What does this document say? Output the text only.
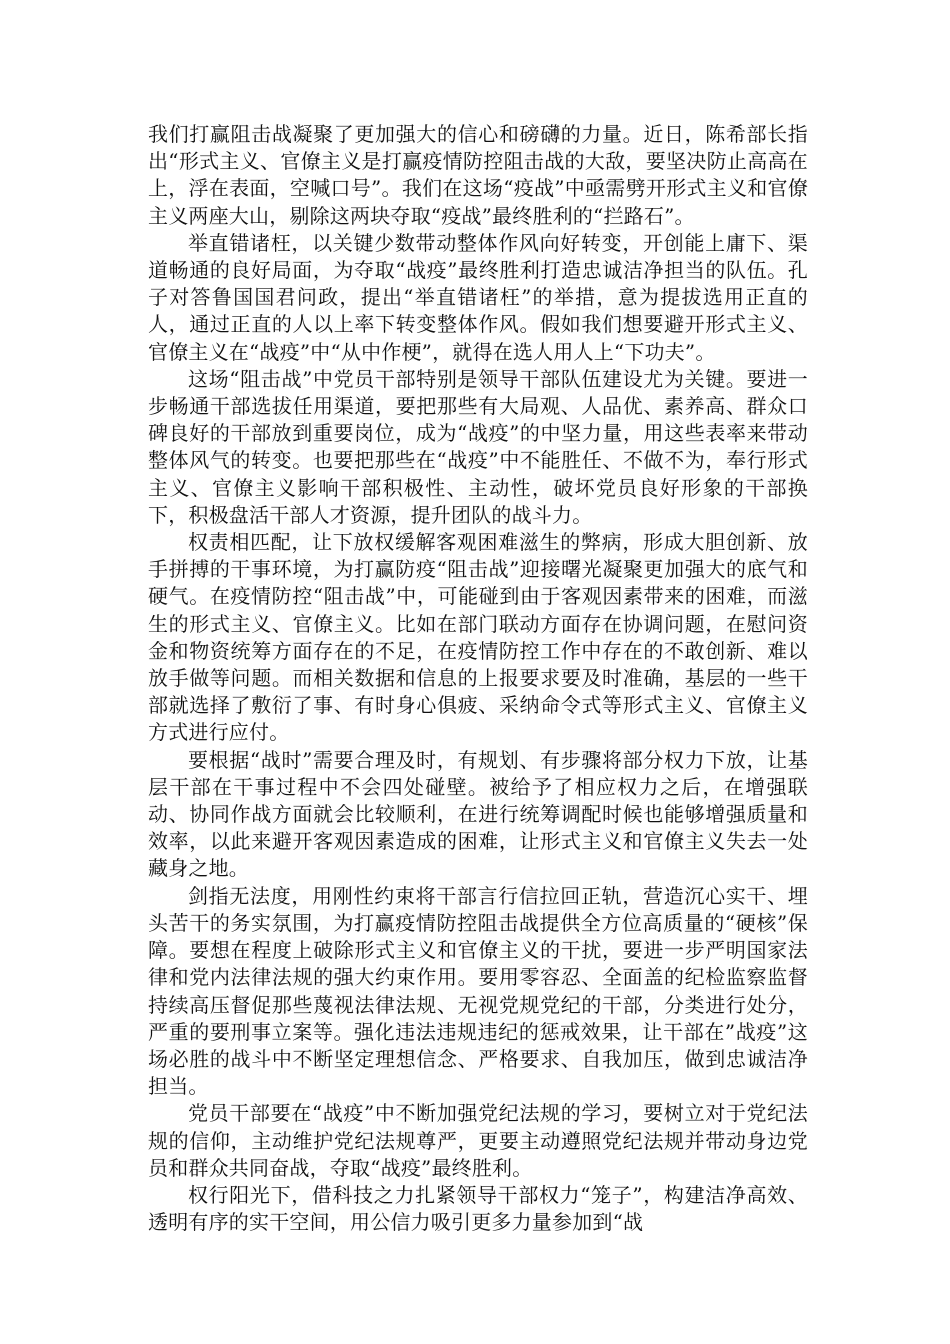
我们打赢阻击战凝聚了更加强大的信心和磅礴的力量。近日，陈希部长指出“形式主义、官僚主义是打赢疫情防控阻击战的大敌，要坚决防止高高在上，浮在表面，空喊口号”。我们在这场“疫战”中亟需劈开形式主义和官僚主义两座大山，剔除这两块夺取“疫战”最终胜利的“拦路石”。

举直错诸枉，以关键少数带动整体作风向好转变，开创能上庸下、渠道畅通的良好局面，为夺取“战疫”最终胜利打造忠诚洁净担当的队伍。孔子对答鲁国国君问政，提出“举直错诸枉”的举措，意为提拔选用正直的人，通过正直的人以上率下转变整体作风。假如我们想要避开形式主义、官僚主义在“战疫”中“从中作梗”，就得在选人用人上“下功夫”。

这场“阻击战”中党员干部特别是领导干部队伍建设尤为关键。要进一步畅通干部选拔任用渠道，要把那些有大局观、人品优、素养高、群众口碑良好的干部放到重要岗位，成为“战疫”的中坚力量，用这些表率来带动整体风气的转变。也要把那些在“战疫”中不能胜任、不做不为，奉行形式主义、官僚主义影响干部积极性、主动性，破坏党员良好形象的干部换下，积极盘活干部人才资源，提升团队的战斗力。

权责相匹配，让下放权缓解客观困难滋生的弊病，形成大胆创新、放手拼搏的干事环境，为打赢防疫“阻击战”迎接曙光凝聚更加强大的底气和硬气。在疫情防控“阻击战”中，可能碰到由于客观因素带来的困难，而滋生的形式主义、官僚主义。比如在部门联动方面存在协调问题，在慰问资金和物资统筹方面存在的不足，在疫情防控工作中存在的不敢创新、难以放手做等问题。而相关数据和信息的上报要求要及时准确，基层的一些干部就选择了敷衍了事、有时身心俱疲、采纳命令式等形式主义、官僚主义方式进行应付。

要根据“战时”需要合理及时，有规划、有步骤将部分权力下放，让基层干部在干事过程中不会四处碰壁。被给予了相应权力之后，在增强联动、协同作战方面就会比较顺利，在进行统筹调配时候也能够增强质量和效率，以此来避开客观因素造成的困难，让形式主义和官僚主义失去一处藏身之地。

剑指无法度，用刚性约束将干部言行信拉回正轨，营造沉心实干、埋头苦干的务实氛围，为打赢疫情防控阻击战提供全方位高质量的“硬核”保障。要想在程度上破除形式主义和官僚主义的干扰，要进一步严明国家法律和党内法律法规的强大约束作用。要用零容忍、全面盖的纪检监察监督持续高压督促那些蔑视法律法规、无视党规党纪的干部，分类进行处分，严重的要刑事立案等。强化违法违规违纪的惩戒效果，让干部在”战疫”这场必胜的战斗中不断坚定理想信念、严格要求、自我加压，做到忠诚洁净担当。

党员干部要在“战疫”中不断加强党纪法规的学习，要树立对于党纪法规的信仰，主动维护党纪法规尊严，更要主动遵照党纪法规并带动身边党员和群众共同奋战，夺取“战疫”最终胜利。

权行阳光下，借科技之力扎紧领导干部权力“笼子”，构建洁净高效、透明有序的实干空间，用公信力吸引更多力量参加到“战
